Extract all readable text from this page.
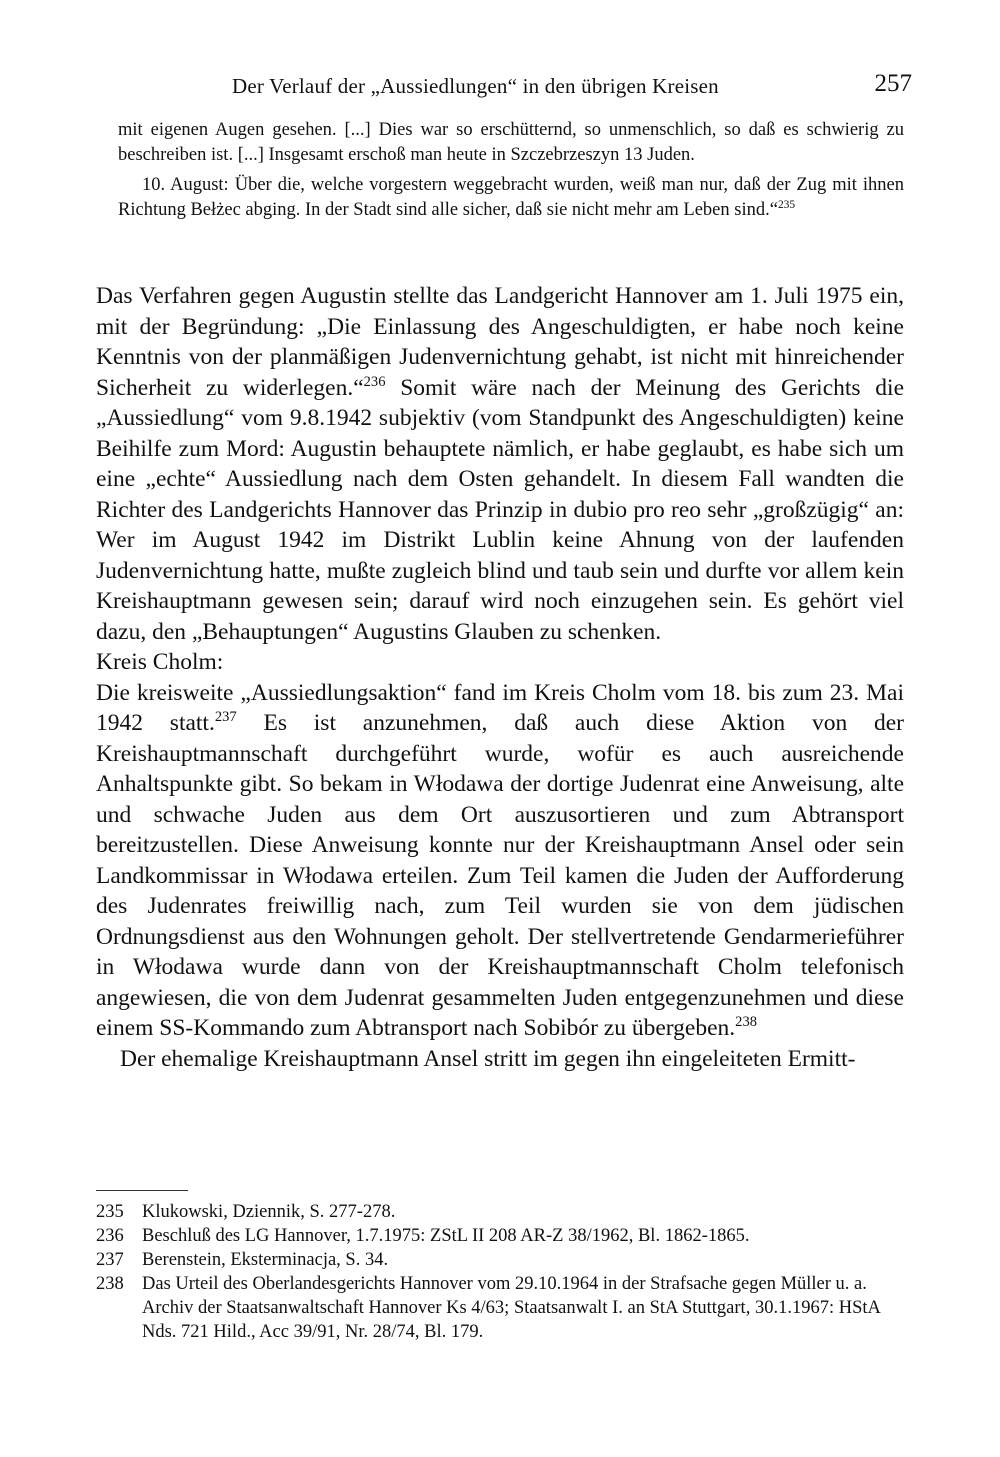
Der Verlauf der „Aussiedlungen“ in den übrigen Kreisen	257

mit eigenen Augen gesehen. [...] Dies war so erschütternd, so unmenschlich, so daß es schwierig zu beschreiben ist. [...] Insgesamt erschoß man heute in Szczebrzeszyn 13 Juden.

10. August: Über die, welche vorgestern weggebracht wurden, weiß man nur, daß der Zug mit ihnen Richtung Bełżec abging. In der Stadt sind alle sicher, daß sie nicht mehr am Leben sind.“$^{235}$

Das Verfahren gegen Augustin stellte das Landgericht Hannover am 1. Juli 1975 ein, mit der Begründung: „Die Einlassung des Angeschuldigten, er habe noch keine Kenntnis von der planmäßigen Judenvernichtung gehabt, ist nicht mit hinreichender Sicherheit zu widerlegen.“$^{236}$ Somit wäre nach der Meinung des Gerichts die „Aussiedlung“ vom 9.8.1942 subjektiv (vom Standpunkt des Angeschuldigten) keine Beihilfe zum Mord: Augustin behauptete nämlich, er habe geglaubt, es habe sich um eine „echte“ Aussiedlung nach dem Osten gehandelt. In diesem Fall wandten die Richter des Landgerichts Hannover das Prinzip in dubio pro reo sehr „großzügig“ an: Wer im August 1942 im Distrikt Lublin keine Ahnung von der laufenden Judenvernichtung hatte, mußte zugleich blind und taub sein und durfte vor allem kein Kreishauptmann gewesen sein; darauf wird noch einzugehen sein. Es gehört viel dazu, den „Behauptungen“ Augustins Glauben zu schenken.

Kreis Cholm:

Die kreisweite „Aussiedlungsaktion“ fand im Kreis Cholm vom 18. bis zum 23. Mai 1942 statt.$^{237}$ Es ist anzunehmen, daß auch diese Aktion von der Kreishauptmannschaft durchgeführt wurde, wofür es auch ausreichende Anhaltspunkte gibt. So bekam in Włodawa der dortige Judenrat eine Anweisung, alte und schwache Juden aus dem Ort auszusortieren und zum Abtransport bereitzustellen. Diese Anweisung konnte nur der Kreishauptmann Ansel oder sein Landkommissar in Włodawa erteilen. Zum Teil kamen die Juden der Aufforderung des Judenrates freiwillig nach, zum Teil wurden sie von dem jüdischen Ordnungsdienst aus den Wohnungen geholt. Der stellvertretende Gendarmerieführer in Włodawa wurde dann von der Kreishauptmannschaft Cholm telefonisch angewiesen, die von dem Judenrat gesammelten Juden entgegenzunehmen und diese einem SS-Kommando zum Abtransport nach Sobibór zu übergeben.$^{238}$

Der ehemalige Kreishauptmann Ansel stritt im gegen ihn eingeleiteten Ermitt-

235 Klukowski, Dziennik, S. 277-278.
236 Beschluß des LG Hannover, 1.7.1975: ZStL II 208 AR-Z 38/1962, Bl. 1862-1865.
237 Berenstein, Eksterminacja, S. 34.
238 Das Urteil des Oberlandesgerichts Hannover vom 29.10.1964 in der Strafsache gegen Müller u. a. Archiv der Staatsanwaltschaft Hannover Ks 4/63; Staatsanwalt I. an StA Stuttgart, 30.1.1967: HStA Nds. 721 Hild., Acc 39/91, Nr. 28/74, Bl. 179.
